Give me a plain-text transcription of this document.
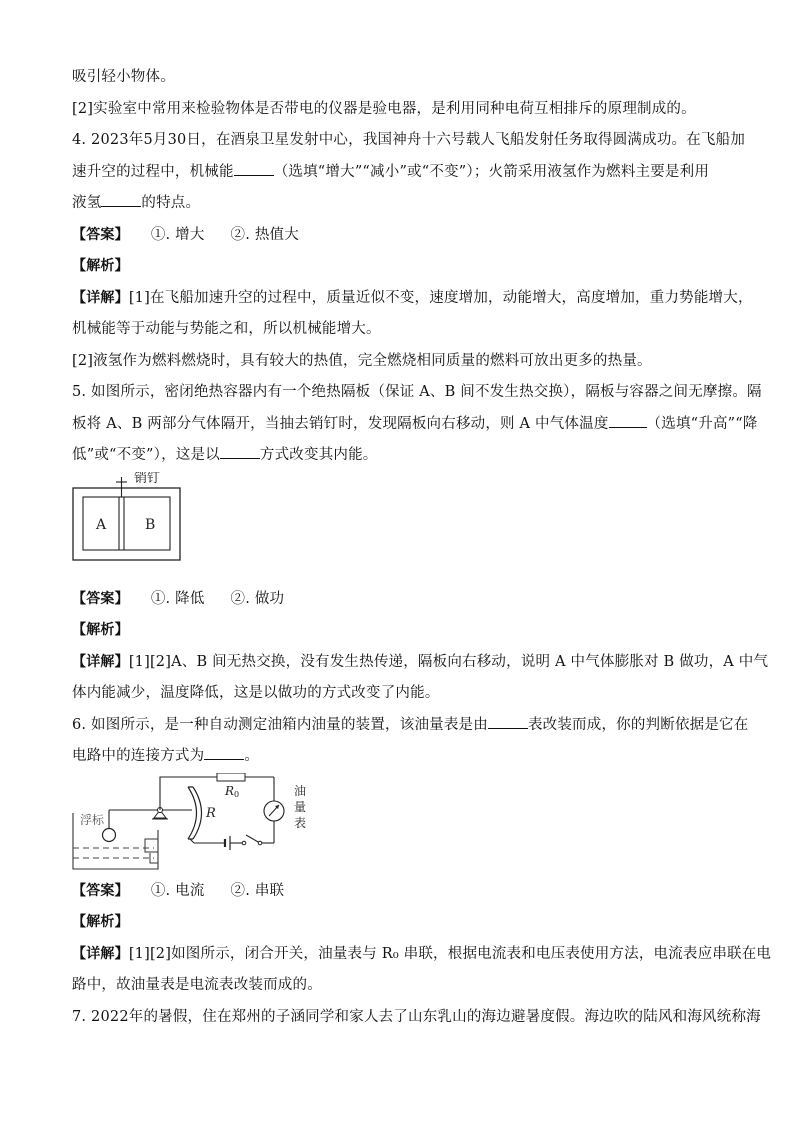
吸引轻小物体。
[2]实验室中常用来检验物体是否带电的仪器是验电器，是利用同种电荷互相排斥的原理制成的。
4. 2023年5月30日，在酒泉卫星发射中心，我国神舟十六号载人飞船发射任务取得圆满成功。在飞船加
速升空的过程中，机械能	（选填“增大”“减小”或“不变”）；火箭采用液氢作为燃料主要是利用
液氢	的特点。
【答案】 ①. 增大 ②. 热值大
【解析】
【详解】[1]在飞船加速升空的过程中，质量近似不变，速度增加，动能增大，高度增加，重力势能增大，
机械能等于动能与势能之和，所以机械能增大。
[2]液氢作为燃料燃烧时，具有较大的热值，完全燃烧相同质量的燃料可放出更多的热量。
5. 如图所示，密闭绝热容器内有一个绝热隔板（保证 A、B 间不发生热交换），隔板与容器之间无摩擦。隔
板将 A、B 两部分气体隔开，当抽去销钉时，发现隔板向右移动，则 A 中气体温度	（选填“升高”“降
低”或“不变”），这是以	方式改变其内能。
销钉
A	B
【答案】 ①. 降低 ②. 做功
【解析】
【详解】[1][2]A、B 间无热交换，没有发生热传递，隔板向右移动，说明 A 中气体膨胀对 B 做功，A 中气
体内能减少，温度降低，这是以做功的方式改变了内能。
6. 如图所示，是一种自动测定油箱内油量的装置，该油量表是由	表改装而成，你的判断依据是它在
电路中的连接方式为	。
浮标	R
R0	油
量
表
【答案】 ①. 电流 ②. 串联
【解析】
【详解】[1][2]如图所示，闭合开关，油量表与 R₀ 串联，根据电流表和电压表使用方法，电流表应串联在电
路中，故油量表是电流表改装而成的。
7. 2022年的暑假，住在郑州的子涵同学和家人去了山东乳山的海边避暑度假。海边吹的陆风和海风统称海
